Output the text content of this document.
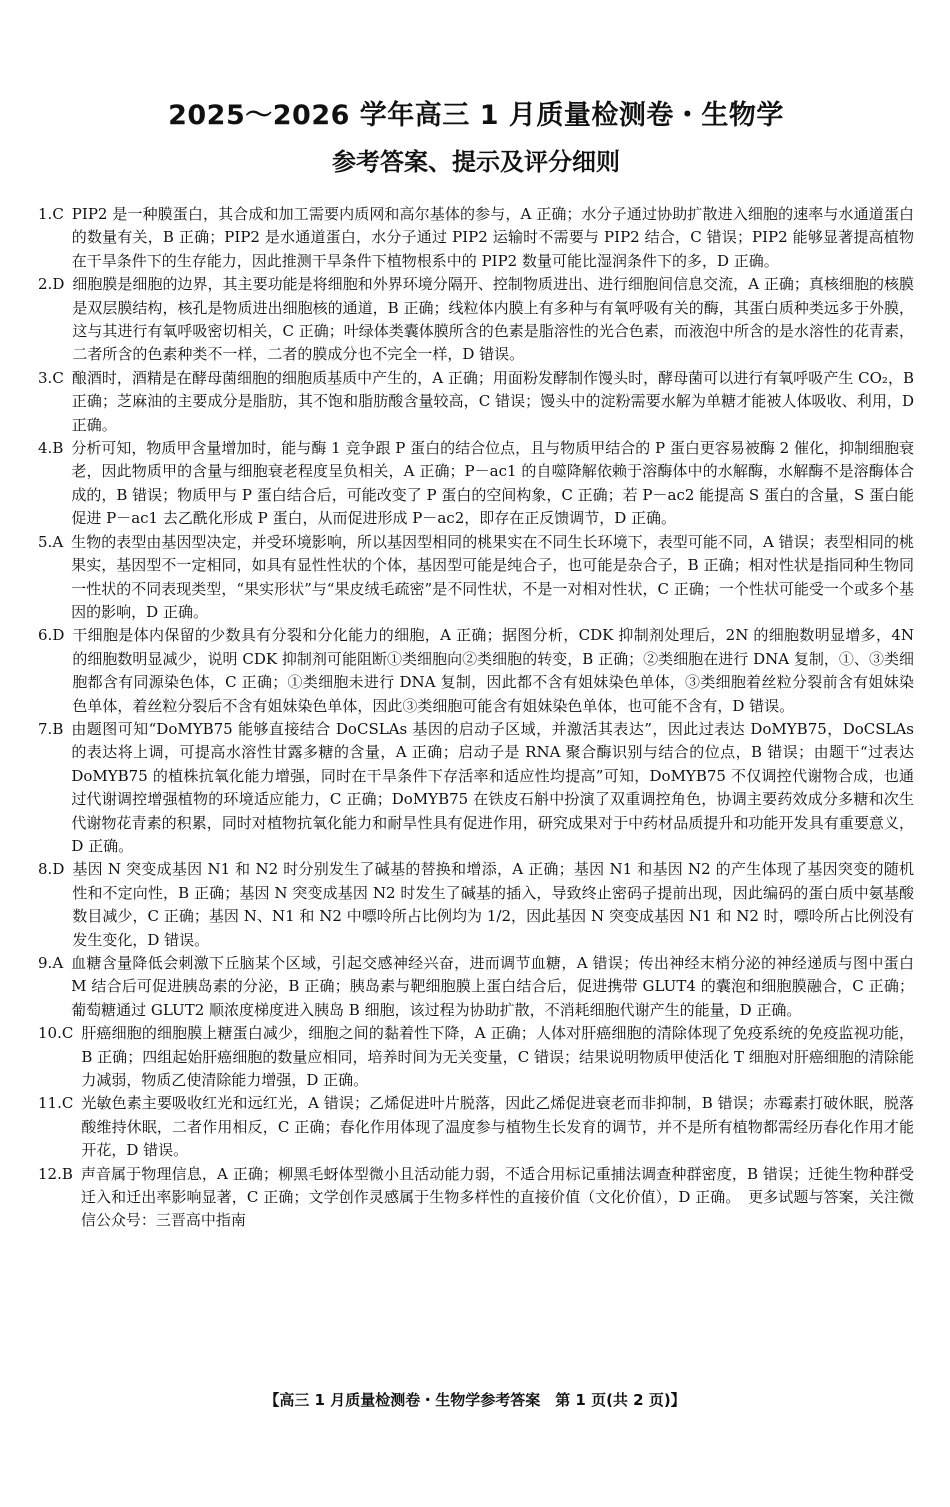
2025～2026 学年高三 1 月质量检测卷・生物学
参考答案、提示及评分细则
1. C PIP2 是一种膜蛋白，其合成和加工需要内质网和高尔基体的参与，A 正确；水分子通过协助扩散进入细胞的速率与水通道蛋白的数量有关，B 正确；PIP2 是水通道蛋白，水分子通过 PIP2 运输时不需要与 PIP2 结合，C 错误；PIP2 能够显著提高植物在干旱条件下的生存能力，因此推测干旱条件下植物根系中的 PIP2 数量可能比湿润条件下的多，D 正确。
2. D 细胞膜是细胞的边界，其主要功能是将细胞和外界环境分隔开、控制物质进出、进行细胞间信息交流，A 正确；真核细胞的核膜是双层膜结构，核孔是物质进出细胞核的通道，B 正确；线粒体内膜上有多种与有氧呼吸有关的酶，其蛋白质种类远多于外膜，这与其进行有氧呼吸密切相关，C 正确；叶绿体类囊体膜所含的色素是脂溶性的光合色素，而液泡中所含的是水溶性的花青素，二者所含的色素种类不一样，二者的膜成分也不完全一样，D 错误。
3. C 酿酒时，酒精是在酵母菌细胞的细胞质基质中产生的，A 正确；用面粉发酵制作馒头时，酵母菌可以进行有氧呼吸产生 CO₂，B 正确；芝麻油的主要成分是脂肪，其不饱和脂肪酸含量较高，C 错误；馒头中的淀粉需要水解为单糖才能被人体吸收、利用，D 正确。
4. B 分析可知，物质甲含量增加时，能与酶 1 竞争跟 P 蛋白的结合位点，且与物质甲结合的 P 蛋白更容易被酶 2 催化，抑制细胞衰老，因此物质甲的含量与细胞衰老程度呈负相关，A 正确；P－ac1 的自噬降解依赖于溶酶体中的水解酶，水解酶不是溶酶体合成的，B 错误；物质甲与 P 蛋白结合后，可能改变了 P 蛋白的空间构象，C 正确；若 P－ac2 能提高 S 蛋白的含量，S 蛋白能促进 P－ac1 去乙酰化形成 P 蛋白，从而促进形成 P－ac2，即存在正反馈调节，D 正确。
5. A 生物的表型由基因型决定，并受环境影响，所以基因型相同的桃果实在不同生长环境下，表型可能不同，A 错误；表型相同的桃果实，基因型不一定相同，如具有显性性状的个体，基因型可能是纯合子，也可能是杂合子，B 正确；相对性状是指同种生物同一性状的不同表现类型，“果实形状”与“果皮绒毛疏密”是不同性状，不是一对相对性状，C 正确；一个性状可能受一个或多个基因的影响，D 正确。
6. D 干细胞是体内保留的少数具有分裂和分化能力的细胞，A 正确；据图分析，CDK 抑制剂处理后，2N 的细胞数明显增多，4N 的细胞数明显减少，说明 CDK 抑制剂可能阻断①类细胞向②类细胞的转变，B 正确；②类细胞在进行 DNA 复制，①、③类细胞都含有同源染色体，C 正确；①类细胞未进行 DNA 复制，因此都不含有姐妹染色单体，③类细胞着丝粒分裂前含有姐妹染色单体，着丝粒分裂后不含有姐妹染色单体，因此③类细胞可能含有姐妹染色单体，也可能不含有，D 错误。
7. B 由题图可知“DoMYB75 能够直接结合 DoCSLAs 基因的启动子区域，并激活其表达”，因此过表达 DoMYB75，DoCSLAs 的表达将上调，可提高水溶性甘露多糖的含量，A 正确；启动子是 RNA 聚合酶识别与结合的位点，B 错误；由题干“过表达 DoMYB75 的植株抗氧化能力增强，同时在干旱条件下存活率和适应性均提高”可知，DoMYB75 不仅调控代谢物合成，也通过代谢调控增强植物的环境适应能力，C 正确；DoMYB75 在铁皮石斛中扮演了双重调控角色，协调主要药效成分多糖和次生代谢物花青素的积累，同时对植物抗氧化能力和耐旱性具有促进作用，研究成果对于中药材品质提升和功能开发具有重要意义，D 正确。
8. D 基因 N 突变成基因 N1 和 N2 时分别发生了碱基的替换和增添，A 正确；基因 N1 和基因 N2 的产生体现了基因突变的随机性和不定向性，B 正确；基因 N 突变成基因 N2 时发生了碱基的插入，导致终止密码子提前出现，因此编码的蛋白质中氨基酸数目减少，C 正确；基因 N、N1 和 N2 中嘌呤所占比例均为 1/2，因此基因 N 突变成基因 N1 和 N2 时，嘌呤所占比例没有发生变化，D 错误。
9. A 血糖含量降低会刺激下丘脑某个区域，引起交感神经兴奋，进而调节血糖，A 错误；传出神经末梢分泌的神经递质与图中蛋白 M 结合后可促进胰岛素的分泌，B 正确；胰岛素与靶细胞膜上蛋白结合后，促进携带 GLUT4 的囊泡和细胞膜融合，C 正确；葡萄糖通过 GLUT2 顺浓度梯度进入胰岛 B 细胞，该过程为协助扩散，不消耗细胞代谢产生的能量，D 正确。
10. C 肝癌细胞的细胞膜上糖蛋白减少，细胞之间的黏着性下降，A 正确；人体对肝癌细胞的清除体现了免疫系统的免疫监视功能，B 正确；四组起始肝癌细胞的数量应相同，培养时间为无关变量，C 错误；结果说明物质甲使活化 T 细胞对肝癌细胞的清除能力减弱，物质乙使清除能力增强，D 正确。
11. C 光敏色素主要吸收红光和远红光，A 错误；乙烯促进叶片脱落，因此乙烯促进衰老而非抑制，B 错误；赤霉素打破休眠，脱落酸维持休眠，二者作用相反，C 正确；春化作用体现了温度参与植物生长发育的调节，并不是所有植物都需经历春化作用才能开花，D 错误。
12. B 声音属于物理信息，A 正确；柳黑毛蚜体型微小且活动能力弱，不适合用标记重捕法调查种群密度，B 错误；迁徙生物种群受迁入和迁出率影响显著，C 正确；文学创作灵感属于生物多样性的直接价值（文化价值），D 正确。　更多试题与答案，关注微信公众号：三晋高中指南
【高三 1 月质量检测卷・生物学参考答案　第 1 页(共 2 页)】
